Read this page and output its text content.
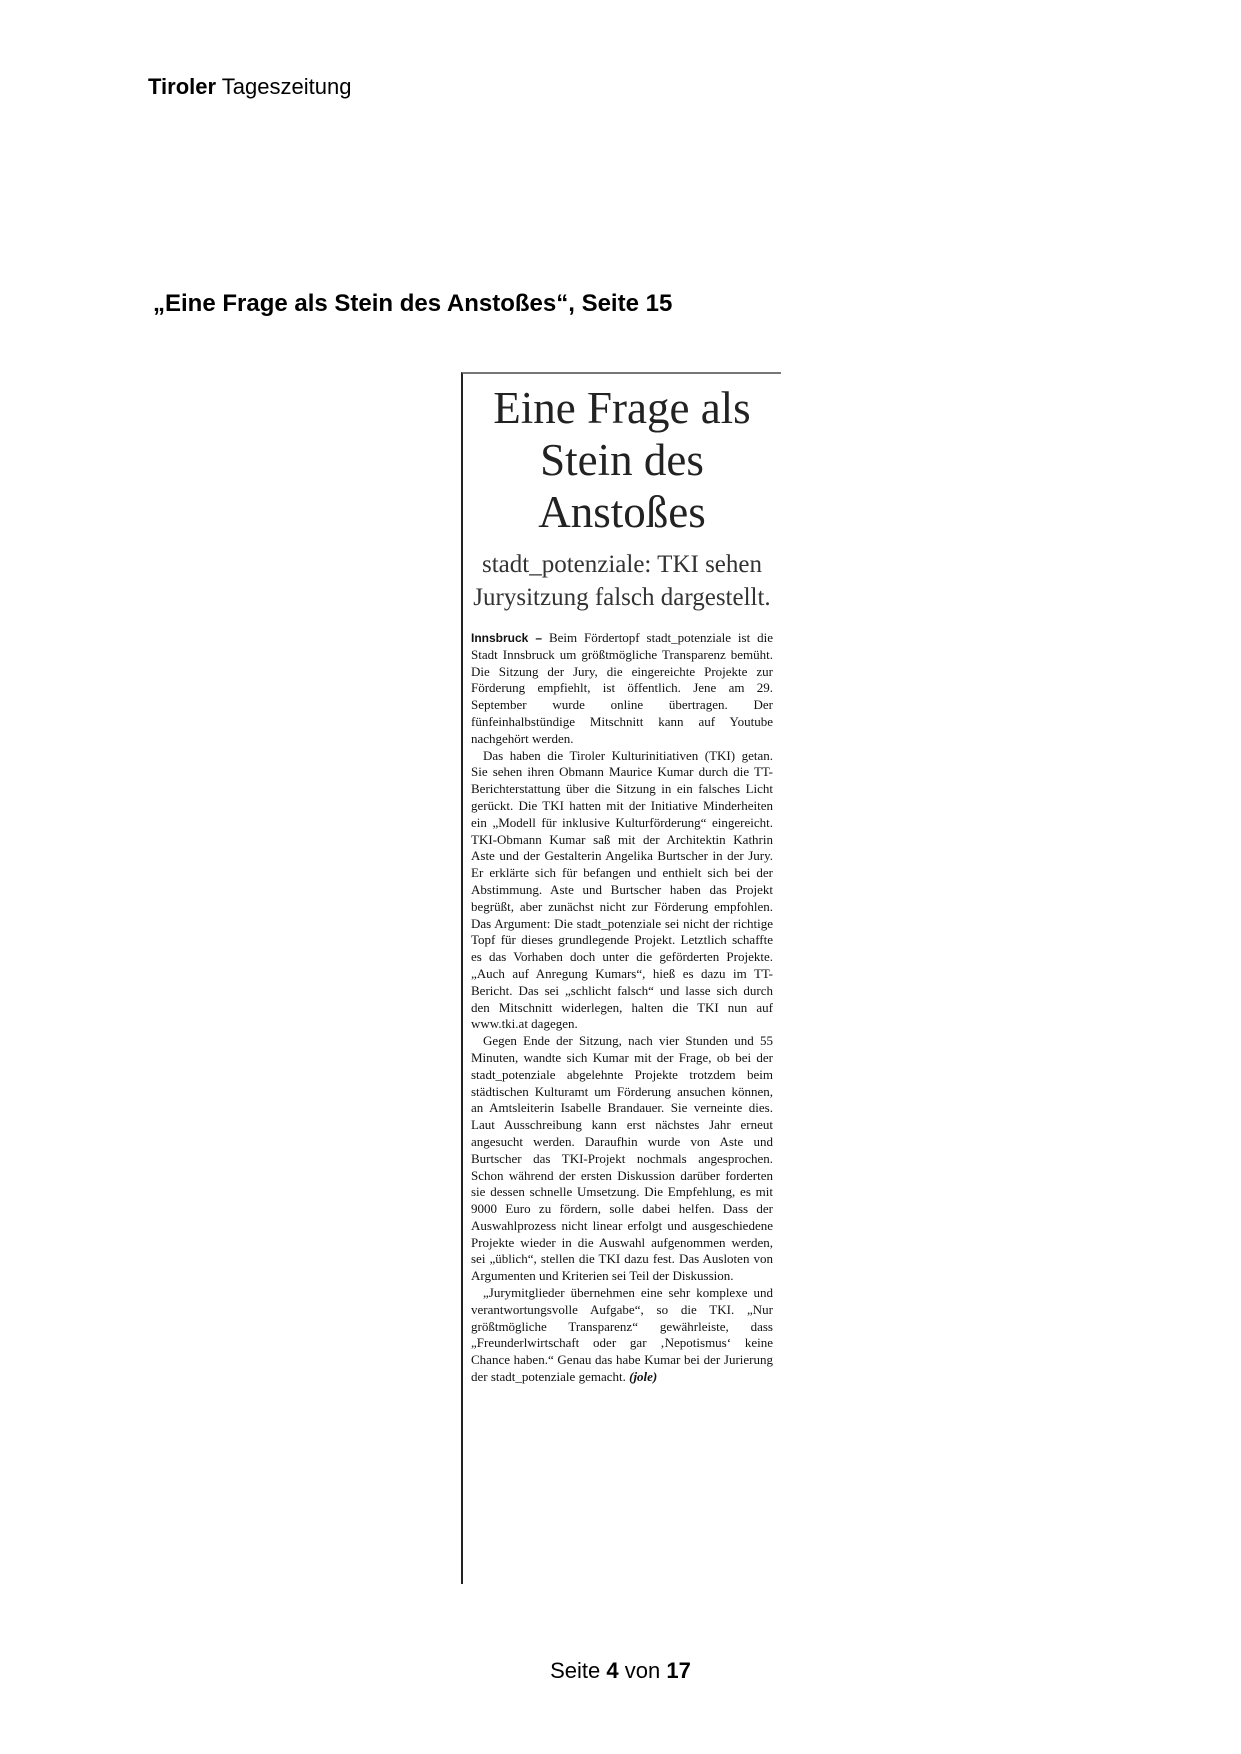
Tiroler Tageszeitung
„Eine Frage als Stein des Anstoßes“, Seite 15
Eine Frage als Stein des Anstoßes
stadt_potenziale: TKI sehen Jurysitzung falsch dargestellt.

Innsbruck – Beim Fördertopf stadt_potenziale ist die Stadt Innsbruck um größtmögliche Transparenz bemüht. Die Sitzung der Jury, die eingereichte Projekte zur Förderung empfiehlt, ist öffentlich. Jene am 29. September wurde online übertragen. Der fünfeinhalbstündige Mitschnitt kann auf Youtube nachgehört werden.

Das haben die Tiroler Kulturinitiativen (TKI) getan. Sie sehen ihren Obmann Maurice Kumar durch die TT-Berichterstattung über die Sitzung in ein falsches Licht gerückt. Die TKI hatten mit der Initiative Minderheiten ein „Modell für inklusive Kulturförderung“ eingereicht. TKI-Obmann Kumar saß mit der Architektin Kathrin Aste und der Gestalterin Angelika Burtscher in der Jury. Er erklärte sich für befangen und enthielt sich bei der Abstimmung. Aste und Burtscher haben das Projekt begrüßt, aber zunächst nicht zur Förderung empfohlen. Das Argument: Die stadt_potenziale sei nicht der richtige Topf für dieses grundlegende Projekt. Letztlich schaffte es das Vorhaben doch unter die geförderten Projekte. „Auch auf Anregung Kumars“, hieß es dazu im TT-Bericht. Das sei „schlicht falsch“ und lasse sich durch den Mitschnitt widerlegen, halten die TKI nun auf www.tki.at dagegen.

Gegen Ende der Sitzung, nach vier Stunden und 55 Minuten, wandte sich Kumar mit der Frage, ob bei der stadt_potenziale abgelehnte Projekte trotzdem beim städtischen Kulturamt um Förderung ansuchen können, an Amtsleiterin Isabelle Brandauer. Sie verneinte dies. Laut Ausschreibung kann erst nächstes Jahr erneut angesucht werden. Daraufhin wurde von Aste und Burtscher das TKI-Projekt nochmals angesprochen. Schon während der ersten Diskussion darüber forderten sie dessen schnelle Umsetzung. Die Empfehlung, es mit 9000 Euro zu fördern, solle dabei helfen. Dass der Auswahlprozess nicht linear erfolgt und ausgeschiedene Projekte wieder in die Auswahl aufgenommen werden, sei „üblich“, stellen die TKI dazu fest. Das Ausloten von Argumenten und Kriterien sei Teil der Diskussion.

„Jurymitglieder übernehmen eine sehr komplexe und verantwortungsvolle Aufgabe“, so die TKI. „Nur größtmögliche Transparenz“ gewährleiste, dass „Freunderlwirtschaft oder gar ‚Nepotismus‘ keine Chance haben.“ Genau das habe Kumar bei der Jurierung der stadt_potenziale gemacht. (jole)

Seite 4 von 17
